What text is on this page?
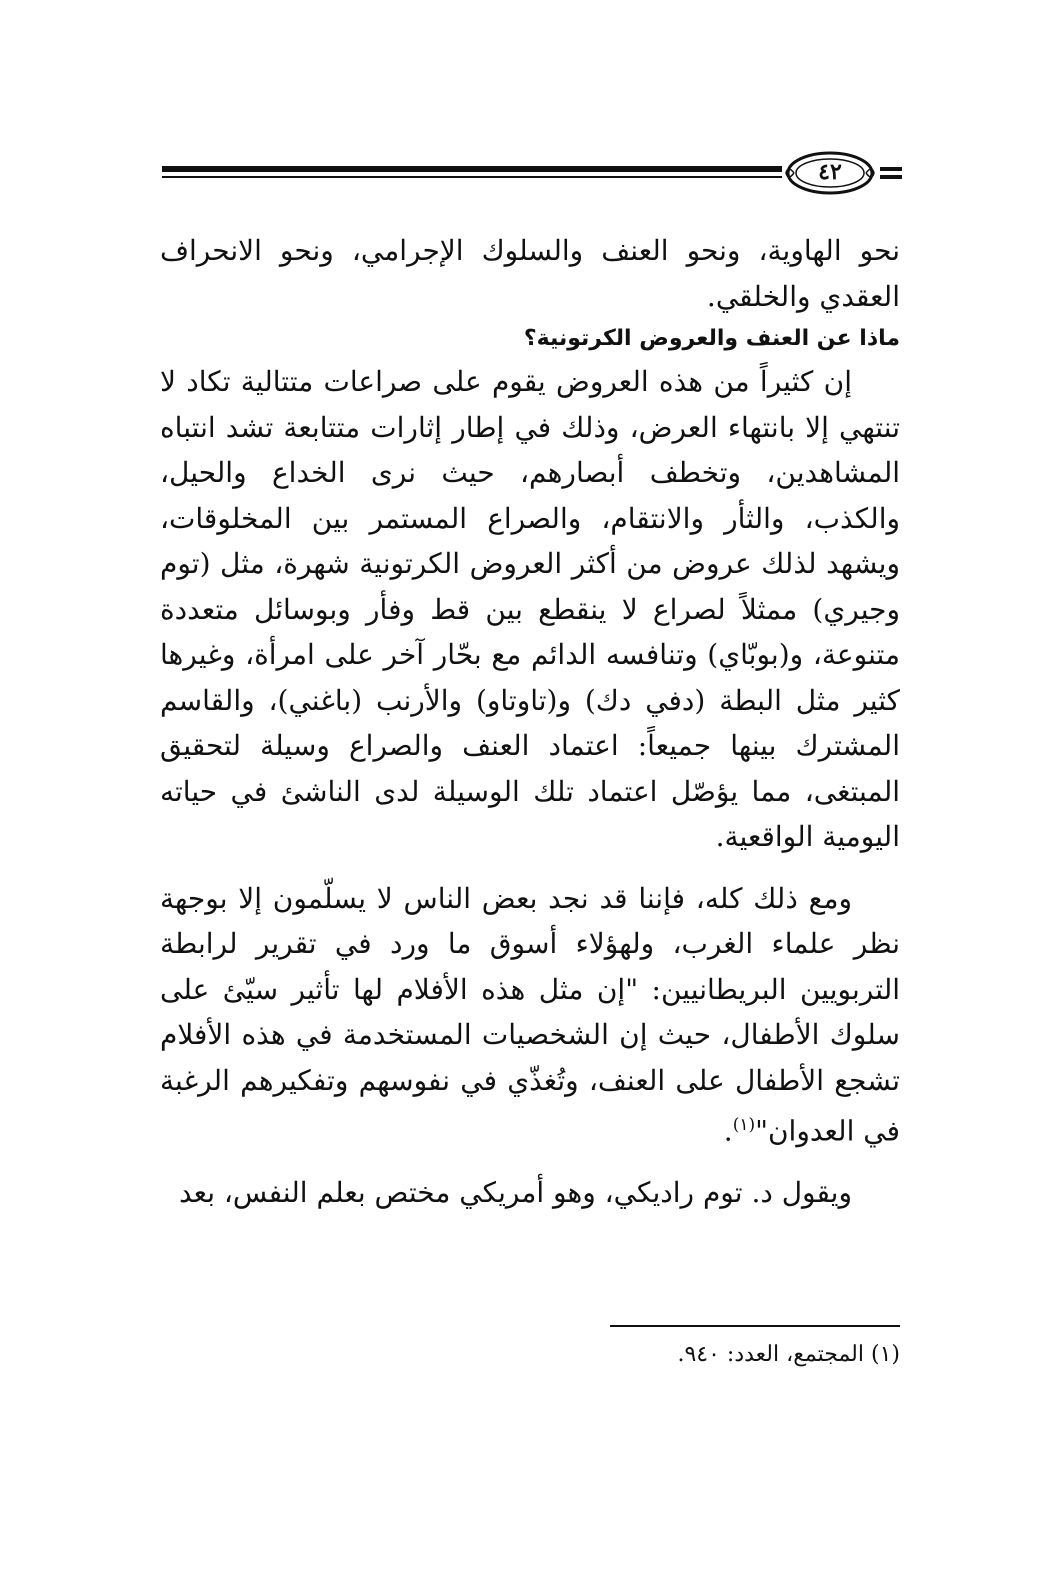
٤٢

نحو الهاوية، ونحو العنف والسلوك الإجرامي، ونحو الانحراف العقدي والخلقي.

ماذا عن العنف والعروض الكرتونية؟

إن كثيراً من هذه العروض يقوم على صراعات متتالية تكاد لا تنتهي إلا بانتهاء العرض، وذلك في إطار إثارات متتابعة تشد انتباه المشاهدين، وتخطف أبصارهم، حيث نرى الخداع والحيل، والكذب، والثأر والانتقام، والصراع المستمر بين المخلوقات، ويشهد لذلك عروض من أكثر العروض الكرتونية شهرة، مثل (توم وجيري) ممثلاً لصراع لا ينقطع بين قط وفأر وبوسائل متعددة متنوعة، و(بوبّاي) وتنافسه الدائم مع بحّار آخر على امرأة، وغيرها كثير مثل البطة (دفي دك) و(تاوتاو) والأرنب (باغني)، والقاسم المشترك بينها جميعاً: اعتماد العنف والصراع وسيلة لتحقيق المبتغى، مما يؤصّل اعتماد تلك الوسيلة لدى الناشئ في حياته اليومية الواقعية.

ومع ذلك كله، فإننا قد نجد بعض الناس لا يسلّمون إلا بوجهة نظر علماء الغرب، ولهؤلاء أسوق ما ورد في تقرير لرابطة التربويين البريطانيين: "إن مثل هذه الأفلام لها تأثير سيّئ على سلوك الأطفال، حيث إن الشخصيات المستخدمة في هذه الأفلام تشجع الأطفال على العنف، وتُغذّي في نفوسهم وتفكيرهم الرغبة في العدوان"$^{(١)}$.

ويقول د. توم راديكي، وهو أمريكي مختص بعلم النفس، بعد

(١) المجتمع، العدد: ٩٤٠.
